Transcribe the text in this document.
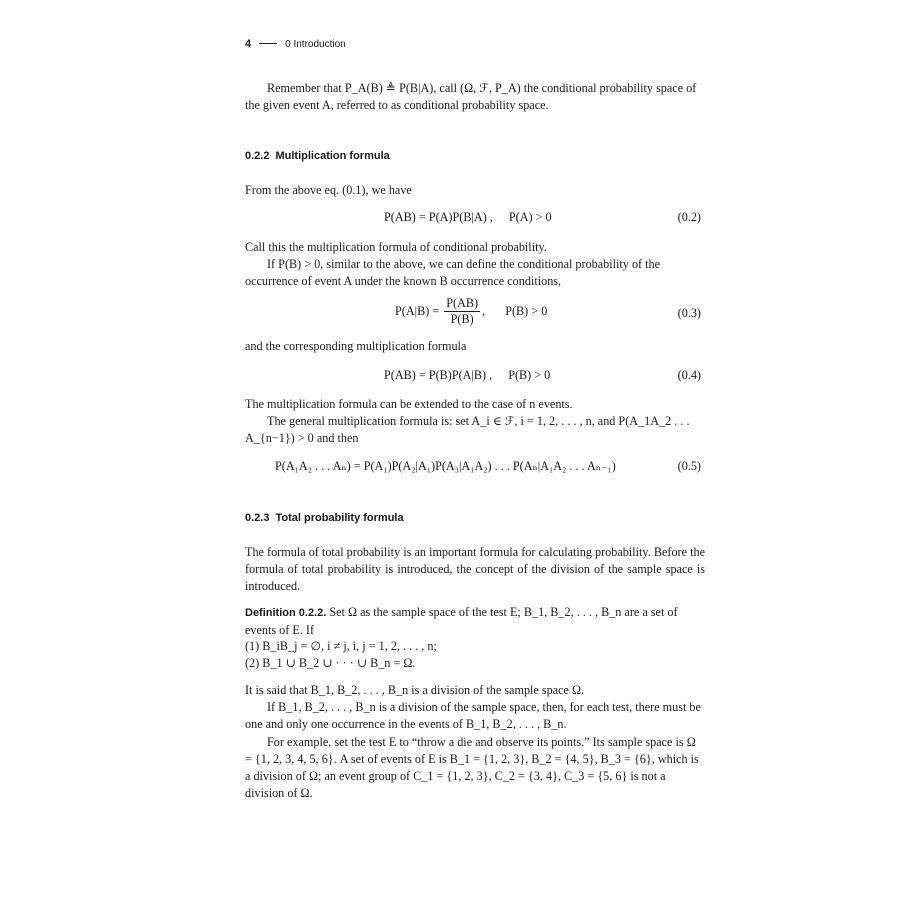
4	0 Introduction
Remember that P_A(B) ≜ P(B|A), call (Ω, ℱ, P_A) the conditional probability space of the given event A, referred to as conditional probability space.
0.2.2 Multiplication formula
From the above eq. (0.1), we have
P(AB) = P(A)P(B|A) , P(A) > 0	(0.2)
Call this the multiplication formula of conditional probability.
If P(B) > 0, similar to the above, we can define the conditional probability of the occurrence of event A under the known B occurrence conditions,
$P(A|B) = \frac{P(AB)}{P(B)}$ , P(B) > 0	(0.3)
and the corresponding multiplication formula
P(AB) = P(B)P(A|B) , P(B) > 0	(0.4)
The multiplication formula can be extended to the case of n events.
The general multiplication formula is: set A_i ∈ ℱ, i = 1, 2, . . . , n, and P(A_1A_2 . . . A_{n−1}) > 0 and then
P(A₁A₂ . . . Aₙ) = P(A₁)P(A₂|A₁)P(A₃|A₁A₂) . . . P(Aₙ|A₁A₂ . . . Aₙ₋₁)	(0.5)
0.2.3 Total probability formula
The formula of total probability is an important formula for calculating probability. Before the formula of total probability is introduced, the concept of the division of the sample space is introduced.
Definition 0.2.2. Set Ω as the sample space of the test E; B_1, B_2, . . . , B_n are a set of events of E. If
(1) B_iB_j = ∅, i ≠ j, i, j = 1, 2, . . . , n;
(2) B_1 ∪ B_2 ∪ · · · ∪ B_n = Ω.
It is said that B_1, B_2, . . . , B_n is a division of the sample space Ω.
If B_1, B_2, . . . , B_n is a division of the sample space, then, for each test, there must be one and only one occurrence in the events of B_1, B_2, . . . , B_n.
For example, set the test E to “throw a die and observe its points.” Its sample space is Ω = {1, 2, 3, 4, 5, 6}. A set of events of E is B_1 = {1, 2, 3}, B_2 = {4, 5}, B_3 = {6}, which is a division of Ω; an event group of C_1 = {1, 2, 3}, C_2 = {3, 4}, C_3 = {5, 6} is not a division of Ω.
